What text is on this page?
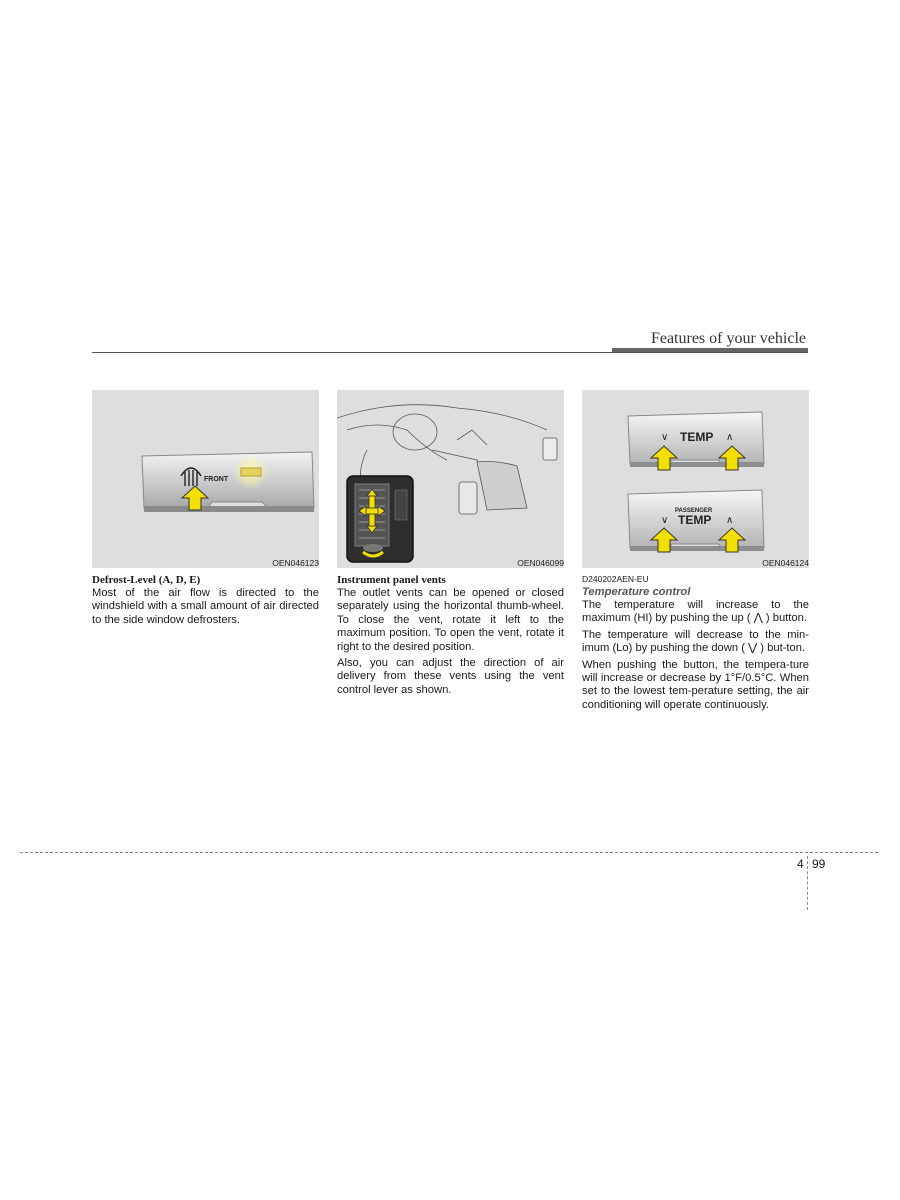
Features of your vehicle
FRONT
OEN046123
Defrost-Level (A, D, E)

Most of the air flow is directed to the windshield with a small amount of air directed to the side window defrosters.

OEN046099
Instrument panel vents

The outlet vents can be opened or closed separately using the horizontal thumb-wheel. To close the vent, rotate it left to the maximum position. To open the vent, rotate it right to the desired position.

Also, you can adjust the direction of air delivery from these vents using the vent control lever as shown.

∨ TEMP ∧
PASSENGER
∨ TEMP ∧
OEN046124
D240202AEN-EU
Temperature control

The temperature will increase to the maximum (HI) by pushing the up ( ⋀ ) button.

The temperature will decrease to the min-imum (Lo) by pushing the down ( ⋁ ) but-ton.

When pushing the button, the tempera-ture will increase or decrease by 1°F/0.5°C. When set to the lowest tem-perature setting, the air conditioning will operate continuously.

4 99
